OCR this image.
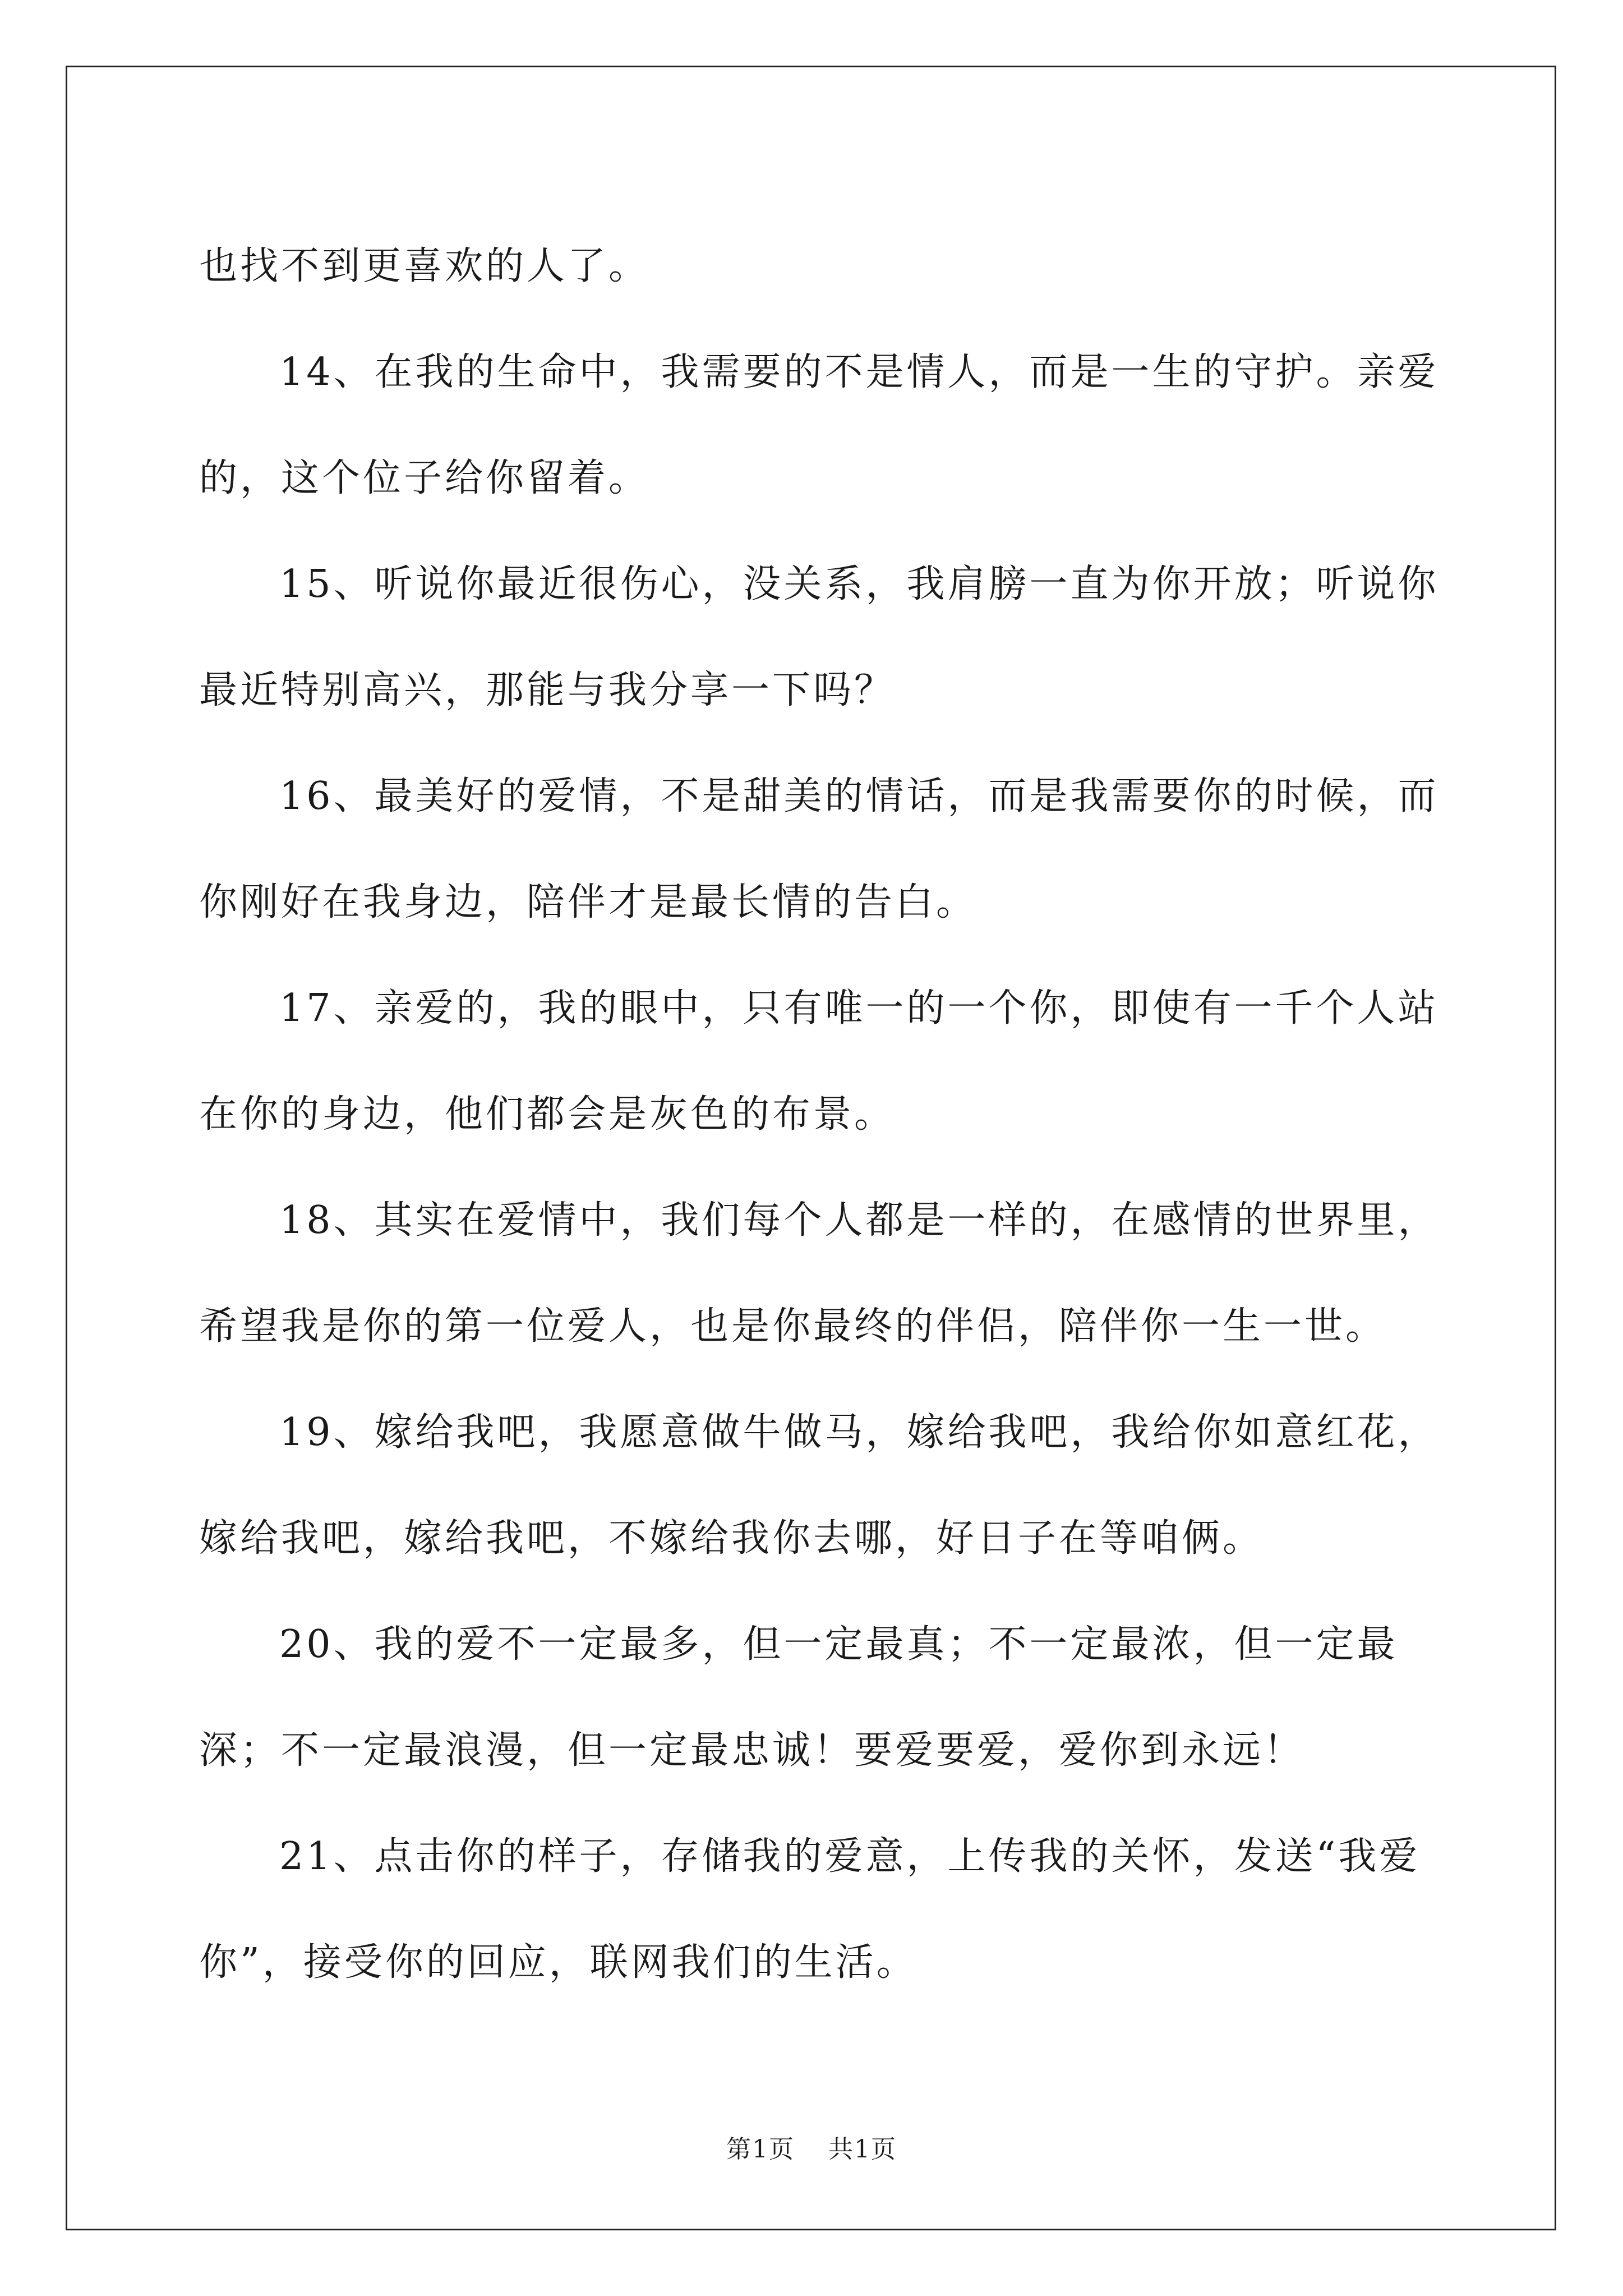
也找不到更喜欢的人了。

14、在我的生命中，我需要的不是情人，而是一生的守护。亲爱的，这个位子给你留着。

15、听说你最近很伤心，没关系，我肩膀一直为你开放；听说你最近特别高兴，那能与我分享一下吗？

16、最美好的爱情，不是甜美的情话，而是我需要你的时候，而你刚好在我身边，陪伴才是最长情的告白。

17、亲爱的，我的眼中，只有唯一的一个你，即使有一千个人站在你的身边，他们都会是灰色的布景。

18、其实在爱情中，我们每个人都是一样的，在感情的世界里，希望我是你的第一位爱人，也是你最终的伴侣，陪伴你一生一世。

19、嫁给我吧，我愿意做牛做马，嫁给我吧，我给你如意红花，嫁给我吧，嫁给我吧，不嫁给我你去哪，好日子在等咱俩。

20、我的爱不一定最多，但一定最真；不一定最浓，但一定最深；不一定最浪漫，但一定最忠诚！要爱要爱，爱你到永远！

21、点击你的样子，存储我的爱意，上传我的关怀，发送“我爱你”，接受你的回应，联网我们的生活。

第1页 共1页
